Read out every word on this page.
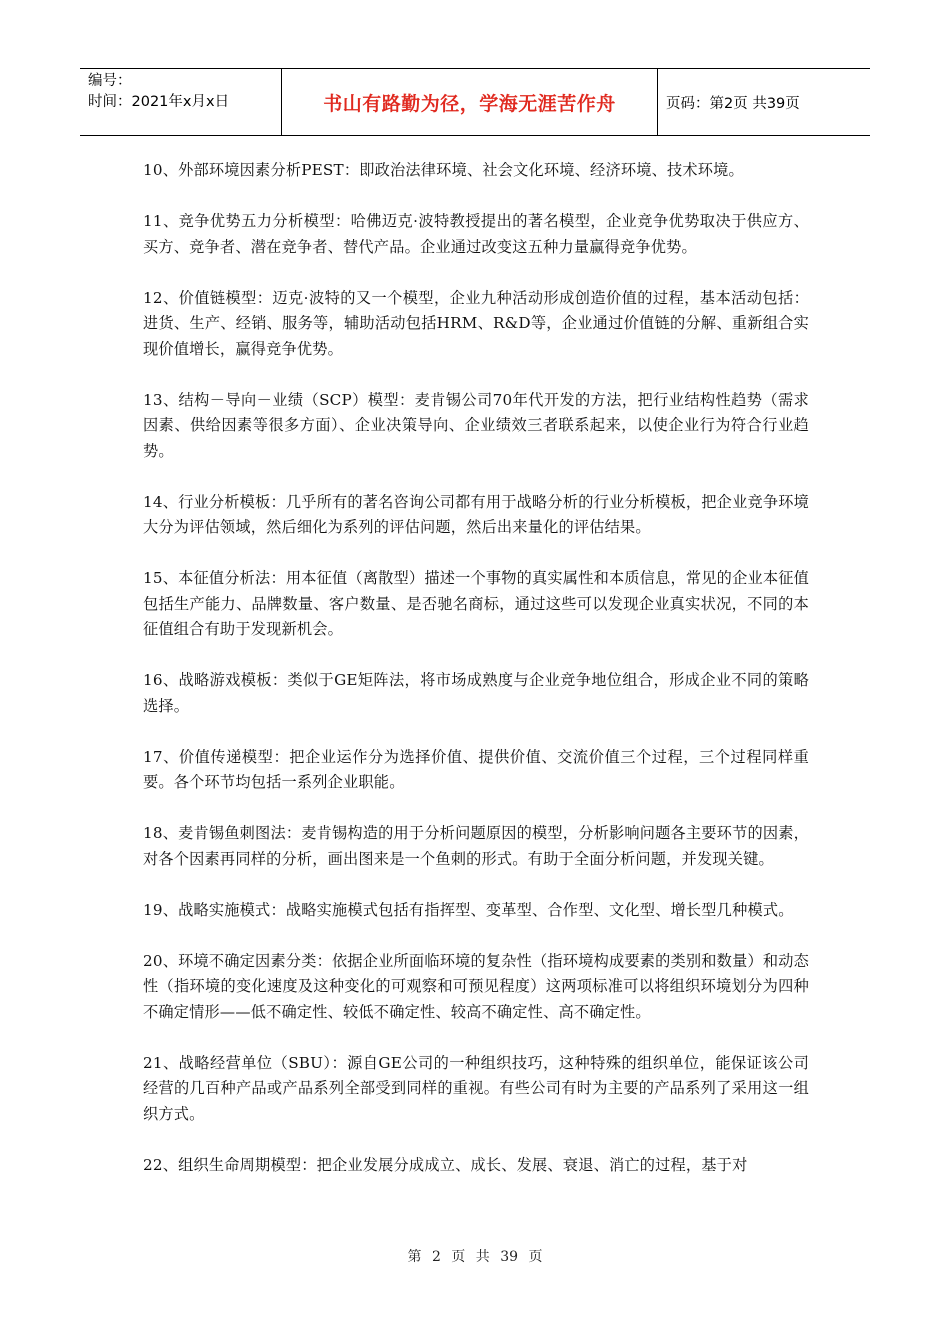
编号：
时间：2021年x月x日	书山有路勤为径，学海无涯苦作舟	页码：第2页 共39页

10、外部环境因素分析PEST：即政治法律环境、社会文化环境、经济环境、技术环境。

11、竞争优势五力分析模型：哈佛迈克·波特教授提出的著名模型，企业竞争优势取决于供应方、买方、竞争者、潜在竞争者、替代产品。企业通过改变这五种力量赢得竞争优势。

12、价值链模型：迈克·波特的又一个模型，企业九种活动形成创造价值的过程，基本活动包括：进货、生产、经销、服务等，辅助活动包括HRM、R&D等，企业通过价值链的分解、重新组合实现价值增长，赢得竞争优势。

13、结构－导向－业绩（SCP）模型：麦肯锡公司70年代开发的方法，把行业结构性趋势（需求因素、供给因素等很多方面）、企业决策导向、企业绩效三者联系起来，以使企业行为符合行业趋势。

14、行业分析模板：几乎所有的著名咨询公司都有用于战略分析的行业分析模板，把企业竞争环境大分为评估领域，然后细化为系列的评估问题，然后出来量化的评估结果。

15、本征值分析法：用本征值（离散型）描述一个事物的真实属性和本质信息，常见的企业本征值包括生产能力、品牌数量、客户数量、是否驰名商标，通过这些可以发现企业真实状况，不同的本征值组合有助于发现新机会。

16、战略游戏模板：类似于GE矩阵法，将市场成熟度与企业竞争地位组合，形成企业不同的策略选择。

17、价值传递模型：把企业运作分为选择价值、提供价值、交流价值三个过程，三个过程同样重要。各个环节均包括一系列企业职能。

18、麦肯锡鱼刺图法：麦肯锡构造的用于分析问题原因的模型，分析影响问题各主要环节的因素，对各个因素再同样的分析，画出图来是一个鱼刺的形式。有助于全面分析问题，并发现关键。

19、战略实施模式：战略实施模式包括有指挥型、变革型、合作型、文化型、增长型几种模式。

20、环境不确定因素分类：依据企业所面临环境的复杂性（指环境构成要素的类别和数量）和动态性（指环境的变化速度及这种变化的可观察和可预见程度）这两项标准可以将组织环境划分为四种不确定情形——低不确定性、较低不确定性、较高不确定性、高不确定性。

21、战略经营单位（SBU）：源自GE公司的一种组织技巧，这种特殊的组织单位，能保证该公司经营的几百种产品或产品系列全部受到同样的重视。有些公司有时为主要的产品系列了采用这一组织方式。

22、组织生命周期模型：把企业发展分成成立、成长、发展、衰退、消亡的过程，基于对

第 2 页 共 39 页
